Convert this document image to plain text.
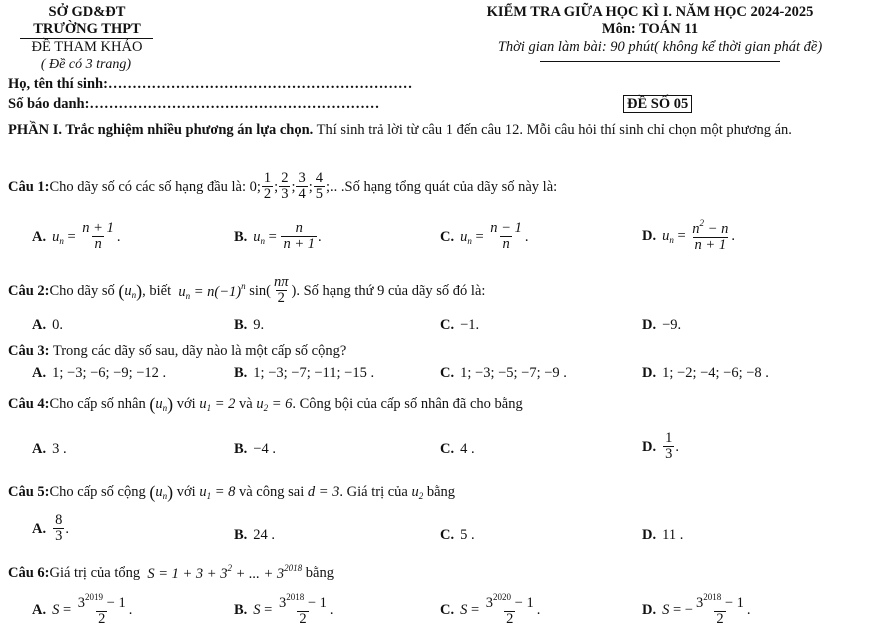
SỞ GD&ĐT
TRƯỜNG THPT
ĐỀ THAM KHẢO
( Đề có 3 trang)
KIỂM TRA GIỮA HỌC KÌ I. NĂM HỌC 2024-2025
Môn: TOÁN 11
Thời gian làm bài: 90 phút( không kể thời gian phát đề)
Họ, tên thí sinh:………………………………………………………
Số báo danh:……………………………………………………	ĐỀ SỐ 05
PHẦN I. Trắc nghiệm nhiều phương án lựa chọn. Thí sinh trả lời từ câu 1 đến câu 12. Mỗi câu hỏi thí sinh chỉ chọn một phương án.
Câu 1: Cho dãy số có các số hạng đầu là: 0; $\frac{1}{2}$ ; $\frac{2}{3}$ ; $\frac{3}{4}$ ; $\frac{4}{5}$ ;.. .Số hạng tổng quát của dãy số này là:
A. $u_n = \frac{n + 1}{n}$ .	B. $u_n = \frac{n}{n + 1}$ .	C. $u_n = \frac{n - 1}{n}$ .	D. $u_n = \frac{n^2 - n}{n + 1}$ .
Câu 2: Cho dãy số
( $u_n$ ) , biết
$u_n = n(-1)^n$ $\sin( \frac{n\pi}{2}$ ) . Số hạng thứ 9 của dãy số đó là:
A. 0.	B. 9.	C. −1.	D. −9.
Câu 3: Trong các dãy số sau, dãy nào là một cấp số cộng?
A. 1; −3; −6; −9; −12 .	B. 1; −3; −7; −11; −15 .	C. 1; −3; −5; −7; −9 .	D. 1; −2; −4; −6; −8 .
Câu 4: Cho cấp số nhân
( $u_n$ )
với
$u_1 = 2$
và
$u_2 = 6$ . Công bội của cấp số nhân đã cho bằng
A. 3 .	B. −4 .	C. 4 .	D. $\frac{1}{3}$ .
Câu 5: Cho cấp số cộng
( $u_n$ )
với
$u_1 = 8$
và công sai
d = 3 . Giá trị của
$u_2$
bằng
A. $\frac{8}{3}$ .	B. 24 .	C. 5 .	D. 11 .
Câu 6: Giá trị của tổng
$S = 1 + 3 + 3^2$ + ... + $3^{2018}$
bằng
A. $S = \frac{3^{2019} - 1}{2}$ .	B. $S = \frac{3^{2018} - 1}{2}$ .	C. $S = \frac{3^{2020} - 1}{2}$ .	D. S = − $\frac{3^{2018} - 1}{2}$ .
